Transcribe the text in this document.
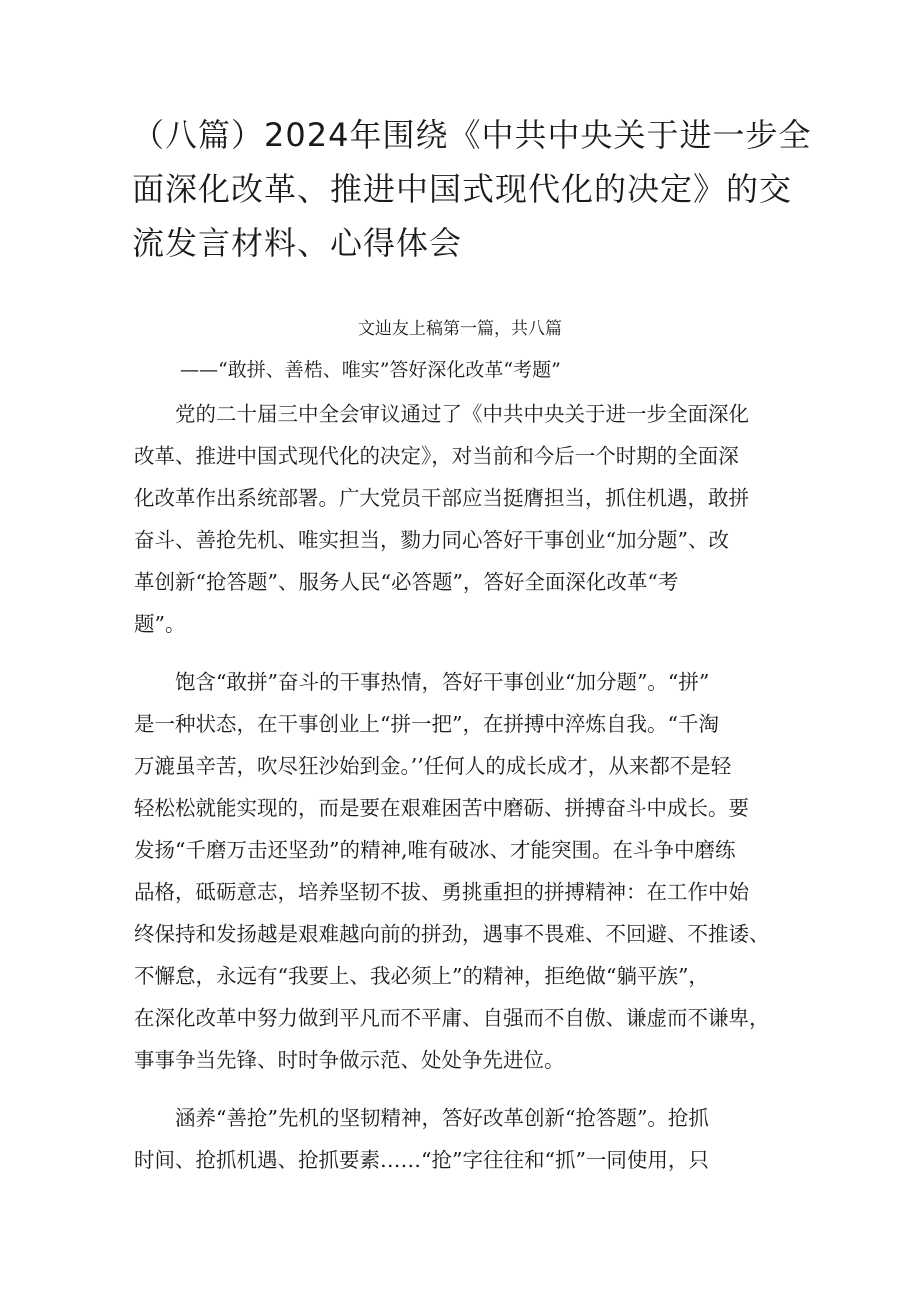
（八篇）2024年围绕《中共中央关于进一步全面深化改革、推进中国式现代化的决定》的交流发言材料、心得体会
文辿友上稿第一篇，共八篇
——“敢拼、善梏、唯实”答好深化改革“考题”
党的二十届三中全会审议通过了《中共中央关于进一步全面深化
改革、推进中国式现代化的决定》，对当前和今后一个时期的全面深
化改革作出系统部署。广大党员干部应当挺膺担当，抓住机遇，敢拼
奋斗、善抢先机、唯实担当，勠力同心答好干事创业“加分题”、改
革创新“抢答题”、服务人民“必答题”，答好全面深化改革“考
题”。
饱含“敢拼”奋斗的干事热情，答好干事创业“加分题”。“拼”
是一种状态，在干事创业上“拼一把”，在拼搏中淬炼自我。“千淘
万漉虽辛苦，吹尽狂沙始到金。’’任何人的成长成才，从来都不是轻
轻松松就能实现的，而是要在艰难困苦中磨砺、拼搏奋斗中成长。要
发扬“千磨万击还坚劲”的精神,唯有破冰、才能突围。在斗争中磨练
品格，砥砺意志，培养坚韧不拔、勇挑重担的拼搏精神：在工作中始
终保持和发扬越是艰难越向前的拼劲，遇事不畏难、不回避、不推诿、
不懈怠，永远有“我要上、我必须上”的精神，拒绝做“躺平族”，
在深化改革中努力做到平凡而不平庸、自强而不自傲、谦虚而不谦卑，
事事争当先锋、时时争做示范、处处争先进位。
涵养“善抢”先机的坚韧精神，答好改革创新“抢答题”。抢抓
时间、抢抓机遇、抢抓要素……“抢”字往往和“抓”一同使用，只
